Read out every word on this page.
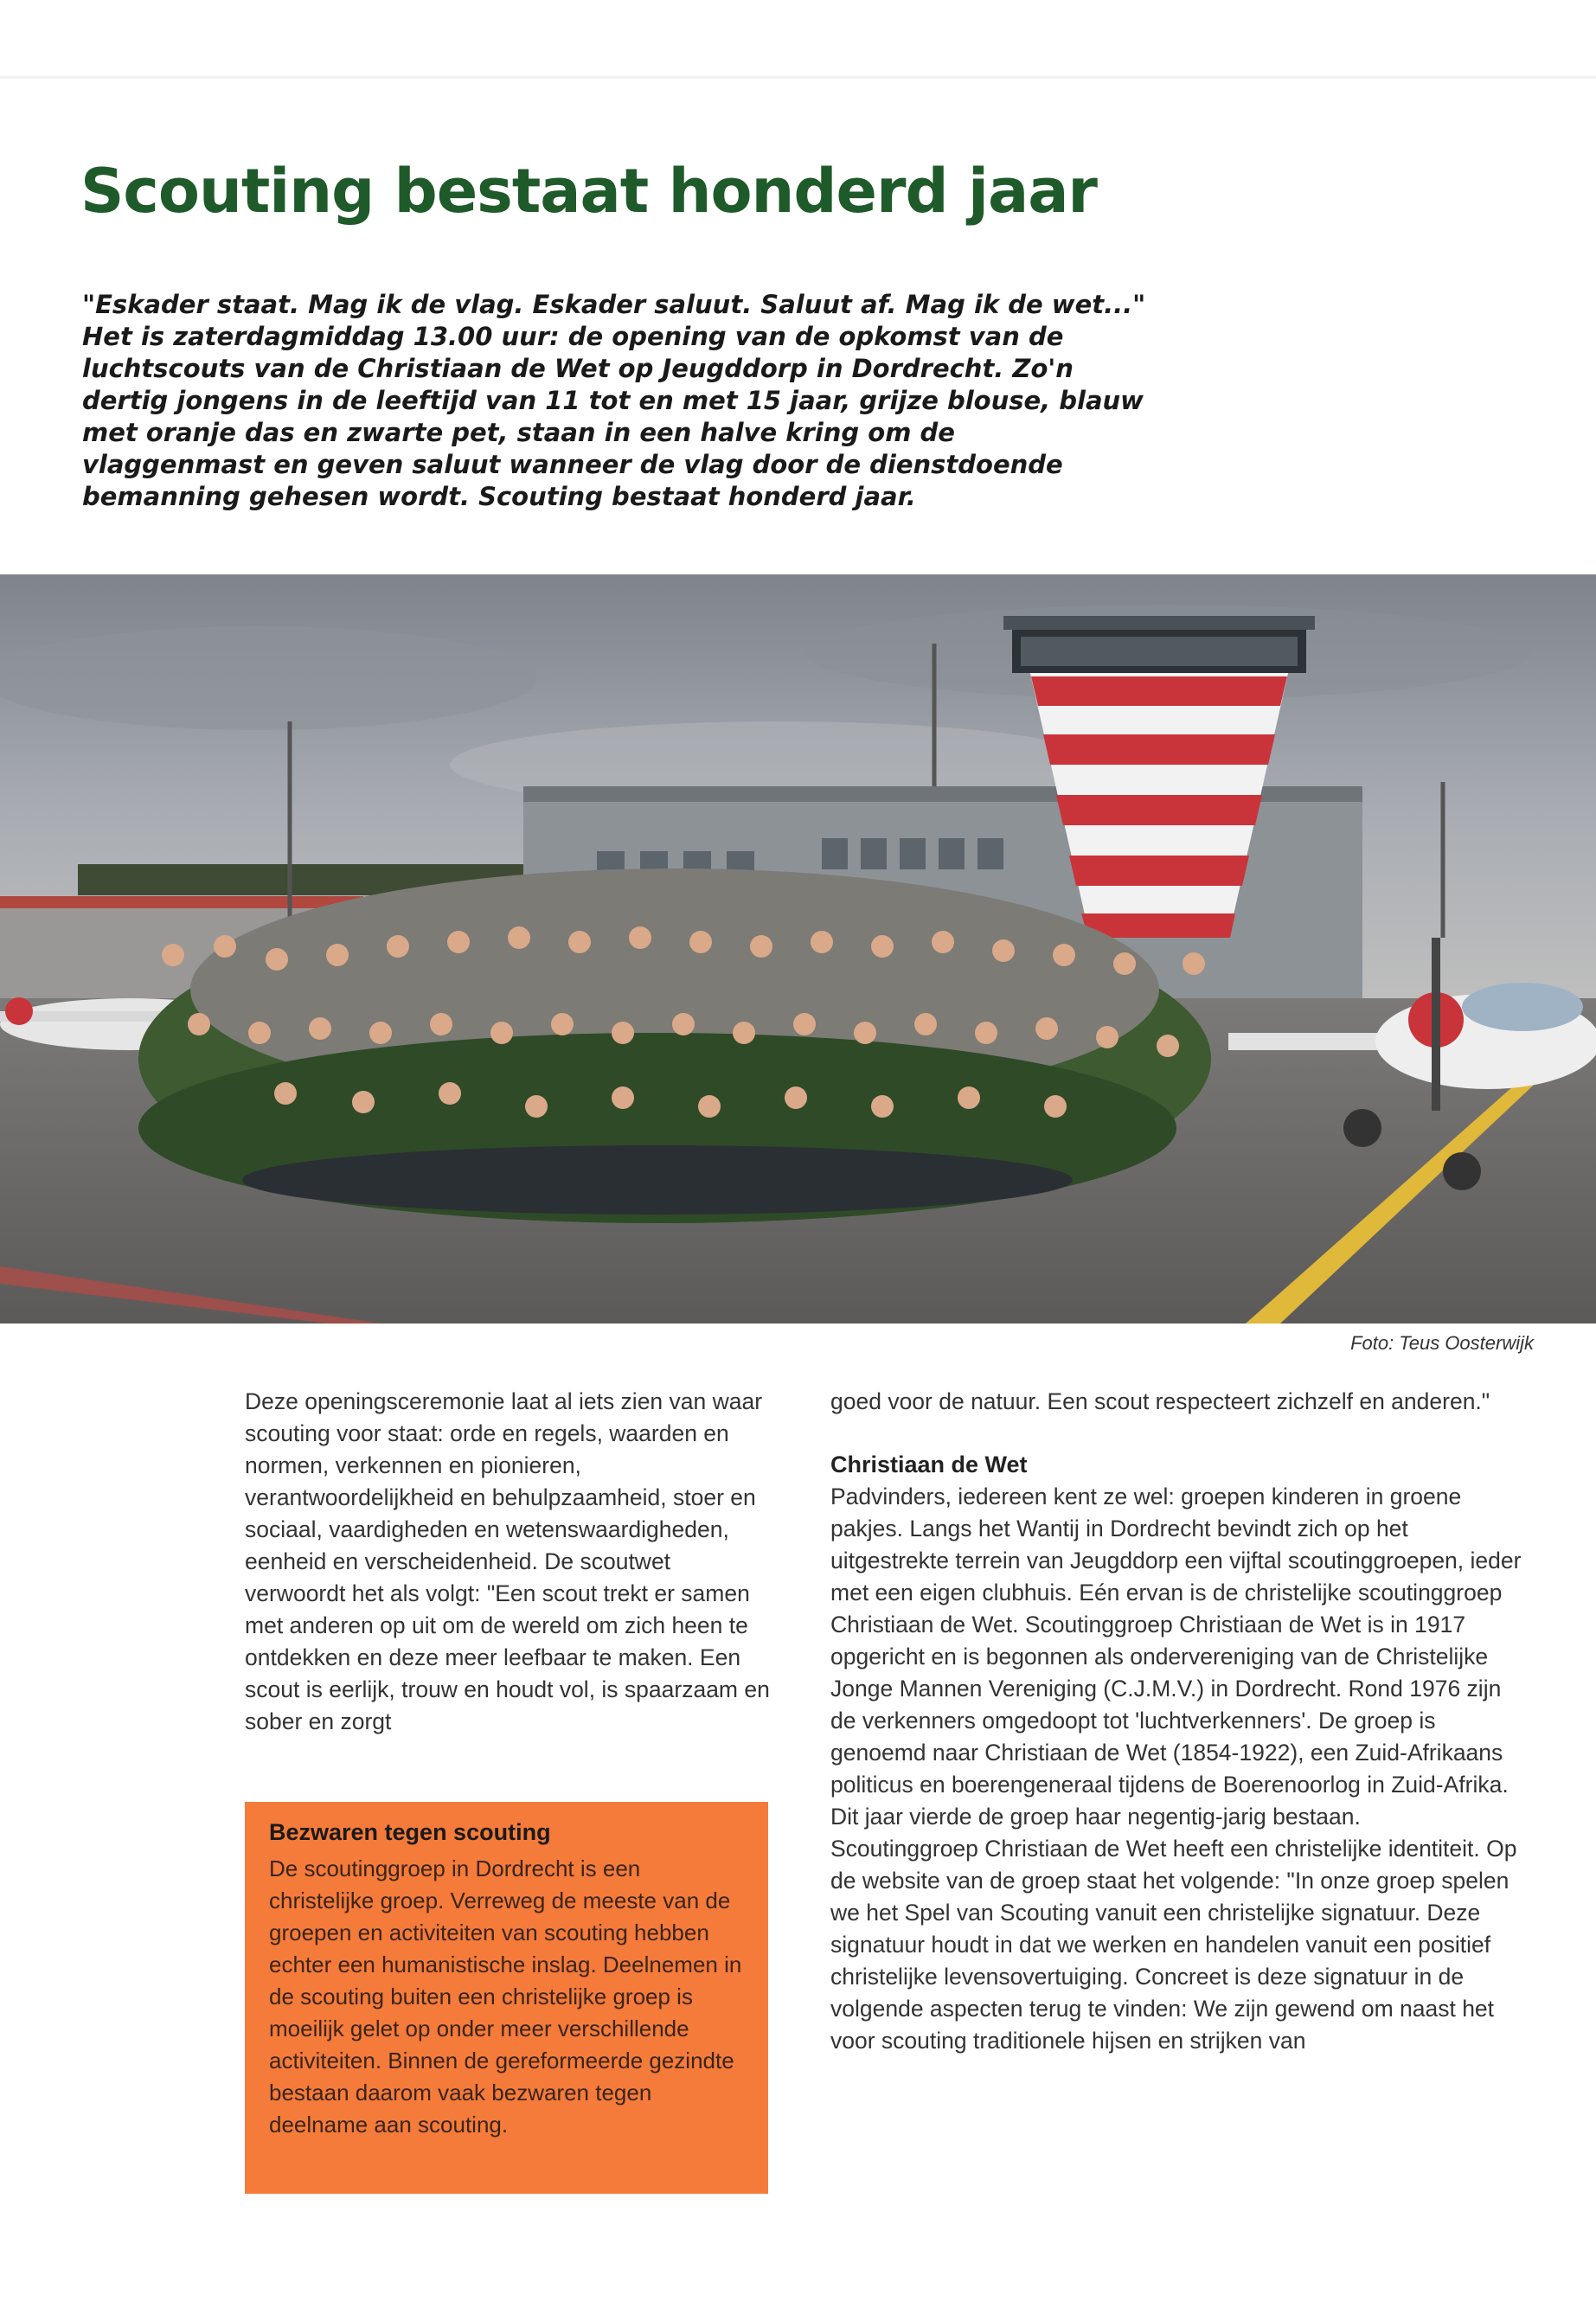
Scouting bestaat honderd jaar

"Eskader staat. Mag ik de vlag. Eskader saluut. Saluut af. Mag ik de wet..." Het is zaterdagmiddag 13.00 uur: de opening van de opkomst van de luchtscouts van de Christiaan de Wet op Jeugddorp in Dordrecht. Zo'n dertig jongens in de leeftijd van 11 tot en met 15 jaar, grijze blouse, blauw met oranje das en zwarte pet, staan in een halve kring om de vlaggenmast en geven saluut wanneer de vlag door de dienstdoende bemanning gehesen wordt. Scouting bestaat honderd jaar.

Foto: Teus Oosterwijk

Deze openingsceremonie laat al iets zien van waar scouting voor staat: orde en regels, waarden en normen, verkennen en pionieren, verantwoordelijkheid en behulpzaamheid, stoer en sociaal, vaardigheden en wetenswaardigheden, eenheid en verscheidenheid. De scoutwet verwoordt het als volgt: "Een scout trekt er samen met anderen op uit om de wereld om zich heen te ontdekken en deze meer leefbaar te maken. Een scout is eerlijk, trouw en houdt vol, is spaarzaam en sober en zorgt

Bezwaren tegen scouting

De scoutinggroep in Dordrecht is een christelijke groep. Verreweg de meeste van de groepen en activiteiten van scouting hebben echter een humanistische inslag. Deelnemen in de scouting buiten een christelijke groep is moeilijk gelet op onder meer verschillende activiteiten. Binnen de gereformeerde gezindte bestaan daarom vaak bezwaren tegen deelname aan scouting.

goed voor de natuur. Een scout respecteert zichzelf en anderen."

Christiaan de Wet

Padvinders, iedereen kent ze wel: groepen kinderen in groene pakjes. Langs het Wantij in Dordrecht bevindt zich op het uitgestrekte terrein van Jeugddorp een vijftal scoutinggroepen, ieder met een eigen clubhuis. Eén ervan is de christelijke scoutinggroep Christiaan de Wet. Scoutinggroep Christiaan de Wet is in 1917 opgericht en is begonnen als ondervereniging van de Christelijke Jonge Mannen Vereniging (C.J.M.V.) in Dordrecht. Rond 1976 zijn de verkenners omgedoopt tot 'luchtverkenners'. De groep is genoemd naar Christiaan de Wet (1854-1922), een Zuid-Afrikaans politicus en boerengeneraal tijdens de Boerenoorlog in Zuid-Afrika. Dit jaar vierde de groep haar negentig-jarig bestaan.

Scoutinggroep Christiaan de Wet heeft een christelijke identiteit. Op de website van de groep staat het volgende: "In onze groep spelen we het Spel van Scouting vanuit een christelijke signatuur. Deze signatuur houdt in dat we werken en handelen vanuit een positief christelijke levensovertuiging. Concreet is deze signatuur in de volgende aspecten terug te vinden: We zijn gewend om naast het voor scouting traditionele hijsen en strijken van
